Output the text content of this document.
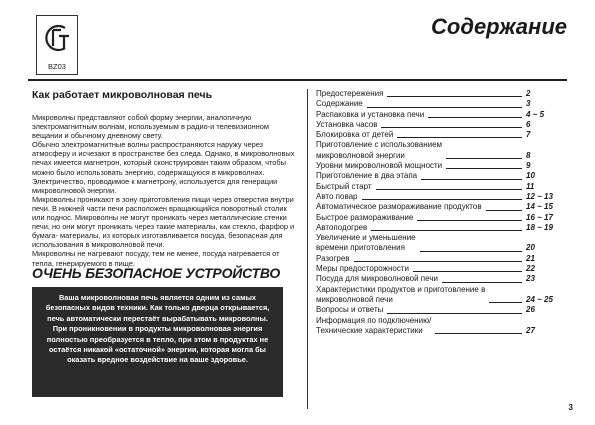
BZ03
Содержание
Как работает микроволновая печь

Микроволны представляют собой форму энергии, аналогичную электромагнитным волнам, используемым в радио-и телевизионном вещании и обычному дневному свету.

Обычно электромагнитные волны распространяются наружу через атмосферу и исчезают в пространстве без следа. Однако, в микроволновых печах имеется магнетрон, который сконструирован таким образом, чтобы можно было использовать энергию, содержащуюся в микроволнах. Электричество, проводимое к магнетрону, используется для генерации микроволновой энергии.

Микроволны проникают в зону приготовления пищи через отверстия внутри печи. В нижней части печи расположен вращающийся поворотный столик или поднос. Микроволны не могут проникать через металлические стенки печи, но они могут проникать через такие материалы, как стекло, фарфор и бумага- материалы, из которых изготавливается посуда, безопасная для использования в микроволновой печи.

Микроволны не нагревают посуду, тем не менее, посуда нагревается от тепла, генерируемого в пище.

ОЧЕНЬ БЕЗОПАСНОЕ УСТРОЙСТВО

Ваша микроволновая печь является одним из самых безопасных видов техники. Как только дверца открывается, печь автоматически перестаёт вырабатывать микроволны. При проникновении в продукты микроволновая энергия полностью преобразуется в тепло, при этом в продуктах не остаётся никакой «остаточной» энергии, которая могла бы оказать вредное воздействие на ваше здоровье.

Предостережения	2
Содержание	3
Распаковка и установка печи	4 ~ 5
Установка часов	6
Блокировка от детей	7
Приготовление с использованием
микроволновой энергии	8
Уровни микроволновой мощности	9
Приготовление в два этапа	10
Быстрый старт	11
Авто повар	12 ~ 13
Автоматическое размораживание продуктов	14 ~ 15
Быстрое размораживание	16 ~ 17
Автоподогрев	18 ~ 19
Увеличение и уменьшение
времени приготовления	20
Разогрев	21
Меры предосторожности	22
Посуда для микроволновой печи	23
Характеристики продуктов и приготовление в
микроволновой печи	24 ~ 25
Вопросы и ответы	26
Информация по подключению/
Технические характеристики	27
3
